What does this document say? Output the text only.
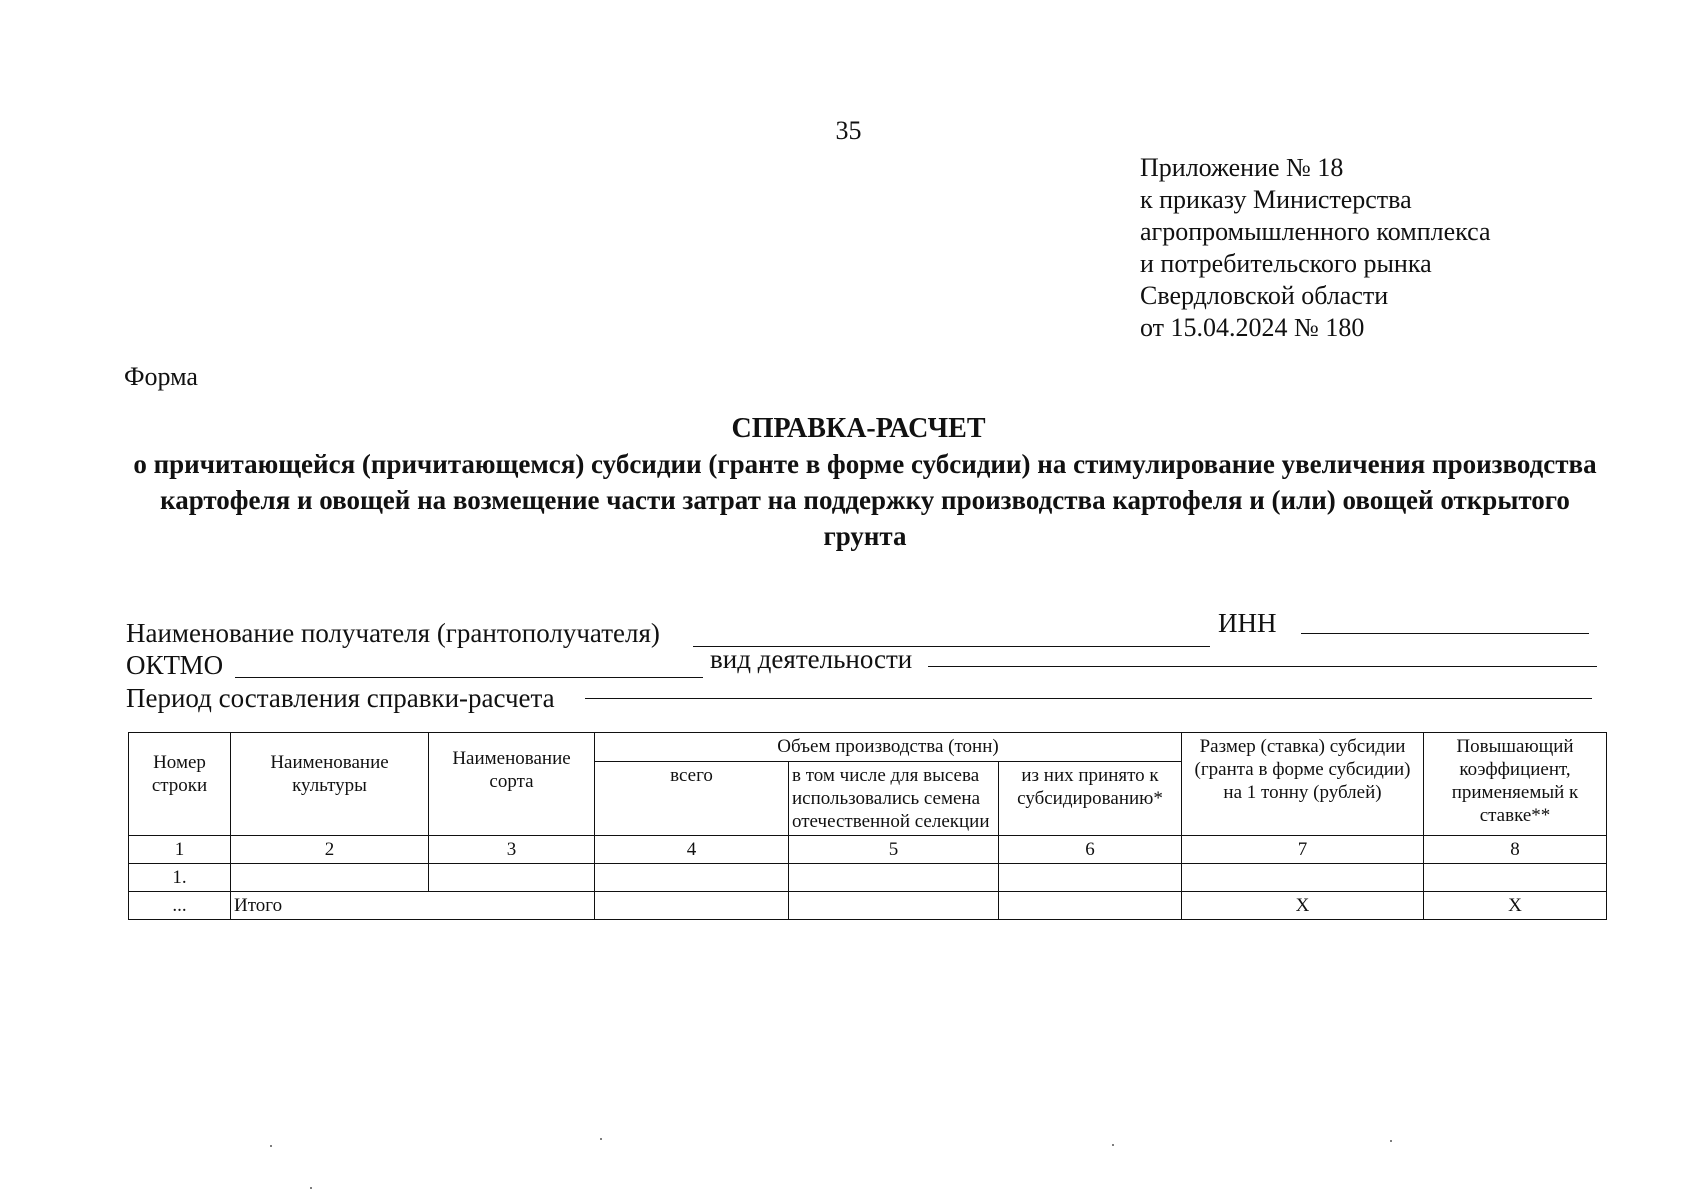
35
Приложение № 18
к приказу Министерства
агропромышленного комплекса
и потребительского рынка
Свердловской области
от 15.04.2024 № 180
Форма
СПРАВКА-РАСЧЕТ
о причитающейся (причитающемся) субсидии (гранте в форме субсидии) на стимулирование увеличения производства картофеля и овощей на возмещение части затрат на поддержку производства картофеля и (или) овощей открытого грунта
Наименование получателя (грантополучателя)	ИНН
ОКТМО	вид деятельности
Период составления справки-расчета
Номер строки	Наименование культуры	Наименование сорта	Объем производства (тонн)			Размер (ставка) субсидии (гранта в форме субсидии) на 1 тонну (рублей)	Повышающий коэффициент, применяемый к ставке**
			всего	в том числе для высева использовались семена отечественной селекции	из них принято к субсидированию*		
1	2	3	4	5	6	7	8
1.							
...	Итого					Х	Х
